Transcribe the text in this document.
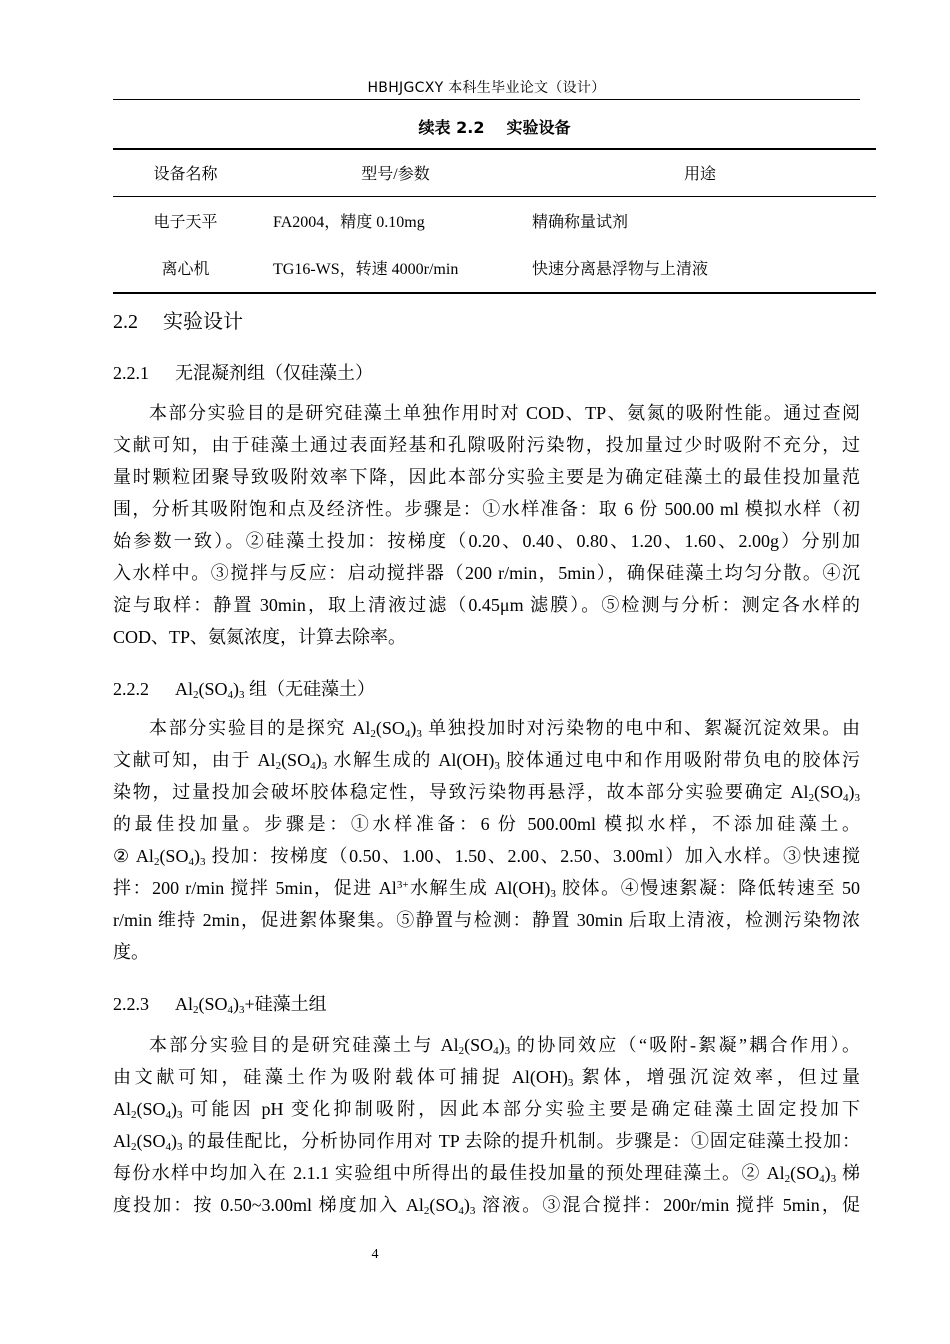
HBHJGCXY 本科生毕业论文（设计）
续表 2.2 实验设备
设备名称	型号/参数	用途
电子天平	FA2004，精度 0.10mg	精确称量试剂
离心机	TG16-WS，转速 4000r/min	快速分离悬浮物与上清液
2.2 实验设计
2.2.1 无混凝剂组（仅硅藻土）
本部分实验目的是研究硅藻土单独作用时对 COD、TP、氨氮的吸附性能。通过查阅
文献可知，由于硅藻土通过表面羟基和孔隙吸附污染物，投加量过少时吸附不充分，过
量时颗粒团聚导致吸附效率下降，因此本部分实验主要是为确定硅藻土的最佳投加量范
围，分析其吸附饱和点及经济性。步骤是：①水样准备：取 6 份 500.00 ml 模拟水样（初
始参数一致）。②硅藻土投加：按梯度（0.20、0.40、0.80、1.20、1.60、2.00g）分别加
入水样中。③搅拌与反应：启动搅拌器（200 r/min，5min），确保硅藻土均匀分散。④沉
淀与取样：静置 30min，取上清液过滤（0.45μm 滤膜）。⑤检测与分析：测定各水样的
COD、TP、氨氮浓度，计算去除率。
2.2.2 $Al_2(SO_4)_3$ 组（无硅藻土）
本部分实验目的是探究 $Al_2(SO_4)_3$ 单独投加时对污染物的电中和、絮凝沉淀效果。由
文献可知，由于 $Al_2(SO_4)_3$ 水解生成的 $Al(OH)_3$ 胶体通过电中和作用吸附带负电的胶体污
染物，过量投加会破坏胶体稳定性，导致污染物再悬浮，故本部分实验要确定 $Al_2(SO_4)_3$
的最佳投加量。步骤是：①水样准备：6 份 500.00ml 模拟水样，不添加硅藻土。
② $Al_2(SO_4)_3$ 投加：按梯度（0.50、1.00、1.50、2.00、2.50、3.00ml）加入水样。③快速搅
拌：200 r/min 搅拌 5min，促进 $Al^{3+}$水解生成 $Al(OH)_3$ 胶体。④慢速絮凝：降低转速至 50
r/min 维持 2min，促进絮体聚集。⑤静置与检测：静置 30min 后取上清液，检测污染物浓
度。
2.2.3 $Al_2(SO_4)_3+$硅藻土组
本部分实验目的是研究硅藻土与 $Al_2(SO_4)_3$ 的协同效应（“吸附-絮凝”耦合作用）。
由文献可知，硅藻土作为吸附载体可捕捉 $Al(OH)_3$ 絮体，增强沉淀效率，但过量
$Al_2(SO_4)_3$ 可能因 pH 变化抑制吸附，因此本部分实验主要是确定硅藻土固定投加下
$Al_2(SO_4)_3$ 的最佳配比，分析协同作用对 TP 去除的提升机制。步骤是：①固定硅藻土投加：
每份水样中均加入在 2.1.1 实验组中所得出的最佳投加量的预处理硅藻土。② $Al_2(SO_4)_3$ 梯
度投加：按 0.50~3.00ml 梯度加入 $Al_2(SO_4)_3$ 溶液。③混合搅拌：200r/min 搅拌 5min，促
4
